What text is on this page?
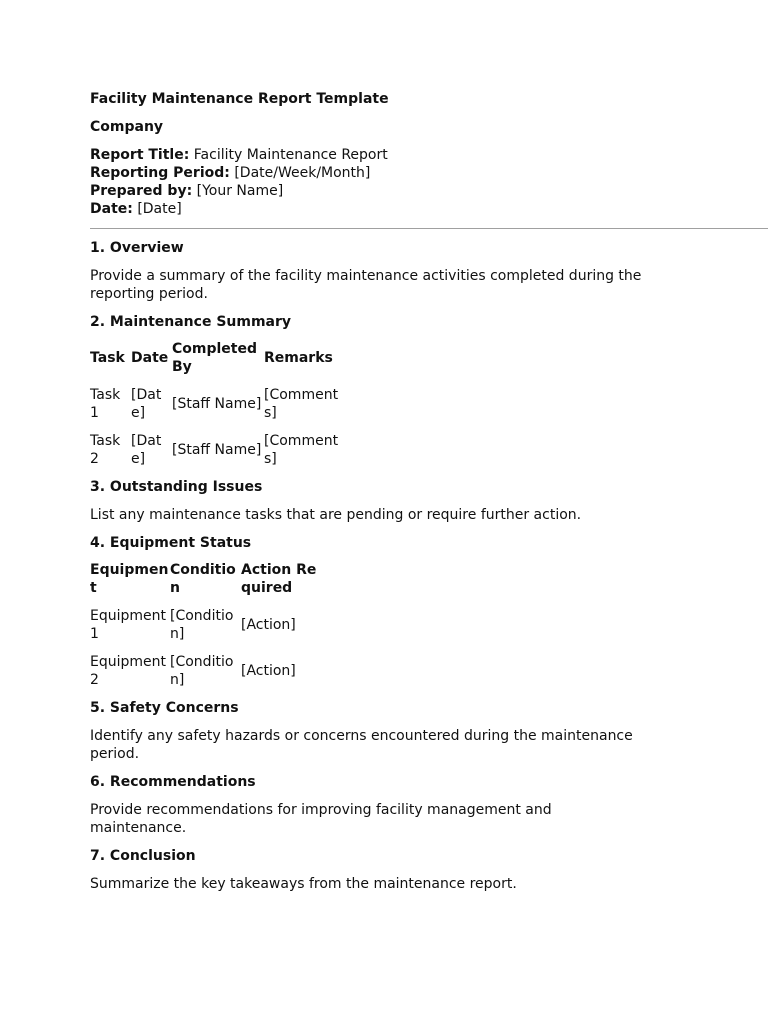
Facility Maintenance Report Template

Company

Report Title: Facility Maintenance Report
Reporting Period: [Date/Week/Month]
Prepared by: [Your Name]
Date: [Date]
1. Overview

Provide a summary of the facility maintenance activities completed during the reporting period.

2. Maintenance Summary
Task	Date	Completed By	Remarks
Task 1	[Date]	[Staff Name]	[Comments]
Task 2	[Date]	[Staff Name]	[Comments]
3. Outstanding Issues

List any maintenance tasks that are pending or require further action.

4. Equipment Status
Equipment	Condition	Action Required
Equipment 1	[Condition]	[Action]
Equipment 2	[Condition]	[Action]
5. Safety Concerns

Identify any safety hazards or concerns encountered during the maintenance period.

6. Recommendations

Provide recommendations for improving facility management and maintenance.

7. Conclusion

Summarize the key takeaways from the maintenance report.
